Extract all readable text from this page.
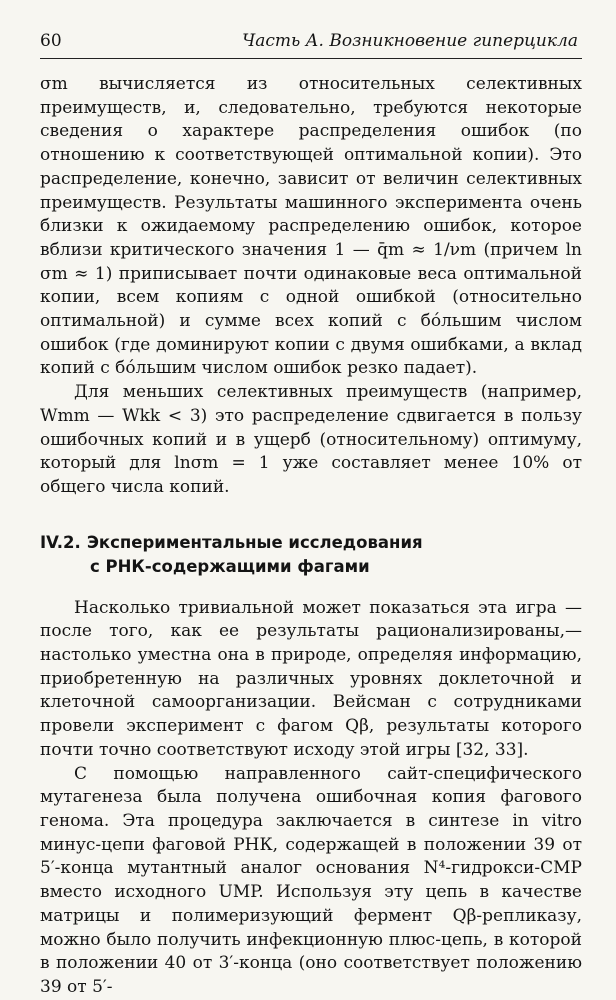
60	Часть А. Возникновение гиперцикла

σm вычисляется из относительных селективных преимуществ, и, следовательно, требуются некоторые сведения о характере распределения ошибок (по отношению к соответствующей оптимальной копии). Это распределение, конечно, зависит от величин селективных преимуществ. Результаты машинного эксперимента очень близки к ожидаемому распределению ошибок, которое вблизи критического значения 1 — q̄m ≈ 1/νm (причем ln σm ≈ 1) приписывает почти одинаковые веса оптимальной копии, всем копиям с одной ошибкой (относительно оптимальной) и сумме всех копий с бóльшим числом ошибок (где доминируют копии с двумя ошибками, а вклад копий с бóльшим числом ошибок резко падает).

Для меньших селективных преимуществ (например, Wmm — Wkk < 3) это распределение сдвигается в пользу ошибочных копий и в ущерб (относительному) оптимуму, который для lnσm = 1 уже составляет менее 10% от общего числа копий.

IV.2. Экспериментальные исследования
с РНК-содержащими фагами

Насколько тривиальной может показаться эта игра — после того, как ее результаты рационализированы,— настолько уместна она в природе, определяя информацию, приобретенную на различных уровнях доклеточной и клеточной самоорганизации. Вейсман с сотрудниками провели эксперимент с фагом Qβ, результаты которого почти точно соответствуют исходу этой игры [32, 33].

С помощью направленного сайт-специфического мутагенеза была получена ошибочная копия фагового генома. Эта процедура заключается в синтезе in vitro минус-цепи фаговой РНК, содержащей в положении 39 от 5′-конца мутантный аналог основания N⁴-гидрокси-CMP вместо исходного UMP. Используя эту цепь в качестве матрицы и полимеризующий фермент Qβ-репликазу, можно было получить инфекционную плюс-цепь, в которой в положении 40 от 3′-конца (оно соответствует положению 39 от 5′-
